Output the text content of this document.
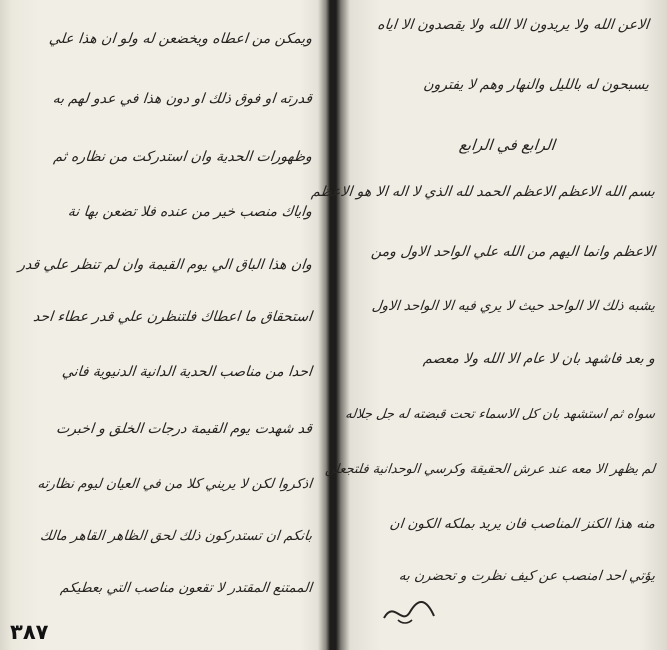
الاعن الله ولا يريدون الا الله ولا يقصدون الا اياه
يسبحون له بالليل والنهار وهم لا يفترون
الرابع في الرابع
بسم الله الاعظم الاعظم الحمد لله الذي لا اله الا هو الاعظم
الاعظم وانما اليهم من الله علي الواحد الاول ومن
يشبه ذلك الا الواحد حيث لا يري فيه الا الواحد الاول
و بعد فاشهد بان لا عام الا الله ولا معصم
سواه ثم استشهد بان كل الاسماء تحت قبضته له جل جلاله
لم يظهر الا معه عند عرش الحقيقة وكرسي الوحدانية فلتجعلن
منه هذا الكنز المناصب فان يريد بملكه الكون ان
يؤتي احد امنصب عن كيف نظرت و تحضرن به
ويمكن من اعطاه ويخضعن له ولو ان هذا علي
قدرته او فوق ذلك او دون هذا في عدو لهم به
وظهورات الحدية وان استدركت من نظاره ثم
واياك منصب خير من عنده فلا تضعن بها نة
وان هذا الباق الي يوم القيمة وان لم تنظر علي قدر
استحقاق ما اعطاك فلتنظرن علي قدر عطاء احد
احدا من مناصب الحدية الدانية الدنيوية فاني
قد شهدت يوم القيمة درجات الخلق و اخبرت
اذكروا لكن لا يريني كلا من في العيان ليوم نظارته
بانكم ان تستدركون ذلك لحق الظاهر القاهر مالك
الممتنع المقتدر لا تقعون مناصب التي بعطيكم
٣٨٧
